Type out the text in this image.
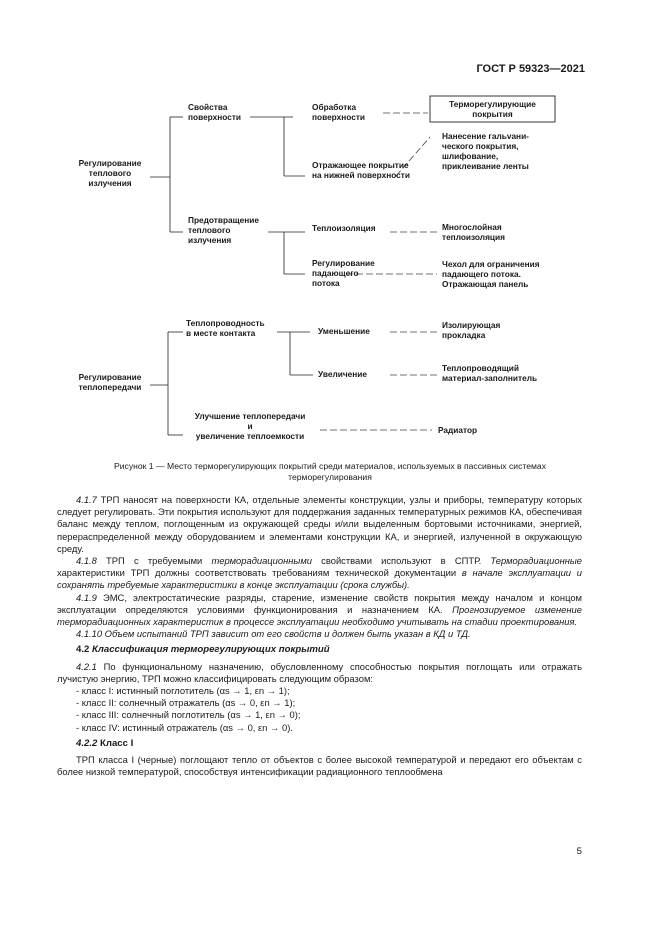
ГОСТ Р 59323—2021
Регулирование
теплового
излучения
Свойства
поверхности
Предотвращение
теплового
излучения
Обработка
поверхности
Отражающее покрытие
на нижней поверхности
Теплоизоляция
Регулирование
падающего
потока
Терморегулирующие
покрытия
Нанесение гальvани-
ческого покрытия,
шлифование,
приклеивание ленты
Многослойная
теплоизоляция
Чехол для ограничения
падающего потока.
Отражающая панель
Регулирование
теплопередачи
Теплопроводность
в месте контакта
Улучшение теплопередачи
и
увеличение теплоемкости
Уменьшение
Увеличение
Изолирующая
прокладка
Теплопроводящий
материал-заполнитель
Радиатор
Рисунок 1 — Место терморегулирующих покрытий среди материалов, используемых в пассивных системах
терморегулирования

4.1.7 ТРП наносят на поверхности КА, отдельные элементы конструкции, узлы и приборы, температуру которых следует регулировать. Эти покрытия используют для поддержания заданных температурных режимов КА, обеспечивая баланс между теплом, поглощенным из окружающей среды и/или выделенным бортовыми источниками, энергией, перераспределенной между оборудованием и элементами конструкции КА, и энергией, излученной в окружающую среду.

4.1.8 ТРП с требуемыми терморадиационными свойствами используют в СПТР. Терморадиационные характеристики ТРП должны соответствовать требованиям технической документации в начале эксплуатации и сохранять требуемые характеристики в конце эксплуатации (срока службы).

4.1.9 ЭМС, электростатические разряды, старение, изменение свойств покрытия между началом и концом эксплуатации определяются условиями функционирования и назначением КА. Прогнозируемое изменение терморадиационных характеристик в процессе эксплуатации необходимо учитывать на стадии проектирования.

4.1.10 Объем испытаний ТРП зависит от его свойств и должен быть указан в КД и ТД.

4.2 Классификация терморегулирующих покрытий

4.2.1 По функциональному назначению, обусловленному способностью покрытия поглощать или отражать лучистую энергию, ТРП можно классифицировать следующим образом:

- класс I: истинный поглотитель (αs → 1, εn → 1);

- класс II: солнечный отражатель (αs → 0, εn → 1);

- класс III: солнечный поглотитель (αs → 1, εn → 0);

- класс IV: истинный отражатель (αs → 0, εn → 0).

4.2.2 Класс I

ТРП класса I (черные) поглощают тепло от объектов с более высокой температурой и передают его объектам с более низкой температурой, способствуя интенсификации радиационного теплообмена

5
